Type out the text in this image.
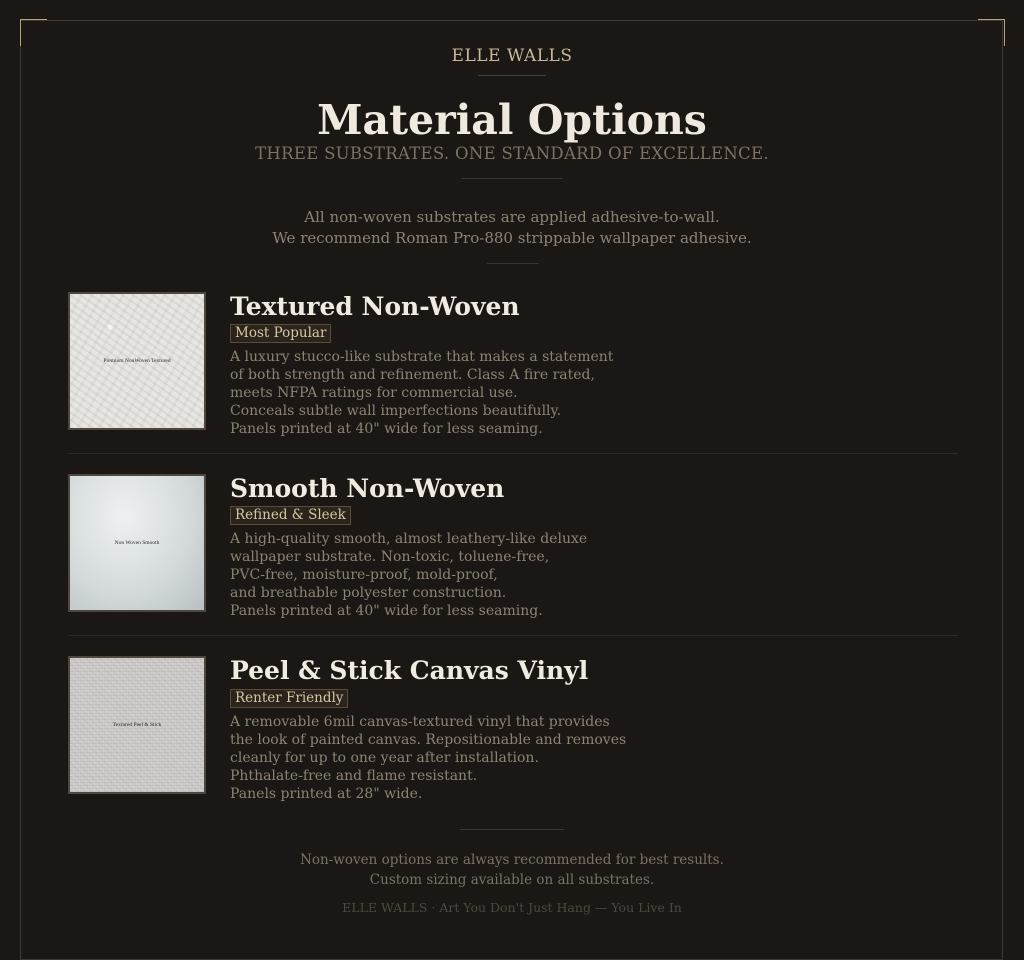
ELLE WALLS
Material Options
THREE SUBSTRATES. ONE STANDARD OF EXCELLENCE.
All non-woven substrates are applied adhesive-to-wall.
We recommend Roman Pro-880 strippable wallpaper adhesive.
Premium NonWoven Textured
Textured Non-Woven
Most Popular
A luxury stucco-like substrate that makes a statement
of both strength and refinement. Class A fire rated,
meets NFPA ratings for commercial use.
Conceals subtle wall imperfections beautifully.
Panels printed at 40" wide for less seaming.
Non Woven Smooth
Smooth Non-Woven
Refined & Sleek
A high-quality smooth, almost leathery-like deluxe
wallpaper substrate. Non-toxic, toluene-free,
PVC-free, moisture-proof, mold-proof,
and breathable polyester construction.
Panels printed at 40" wide for less seaming.
Textured Peel & Stick
Peel & Stick Canvas Vinyl
Renter Friendly
A removable 6mil canvas-textured vinyl that provides
the look of painted canvas. Repositionable and removes
cleanly for up to one year after installation.
Phthalate-free and flame resistant.
Panels printed at 28" wide.
Non-woven options are always recommended for best results.
Custom sizing available on all substrates.
ELLE WALLS · Art You Don't Just Hang — You Live In
